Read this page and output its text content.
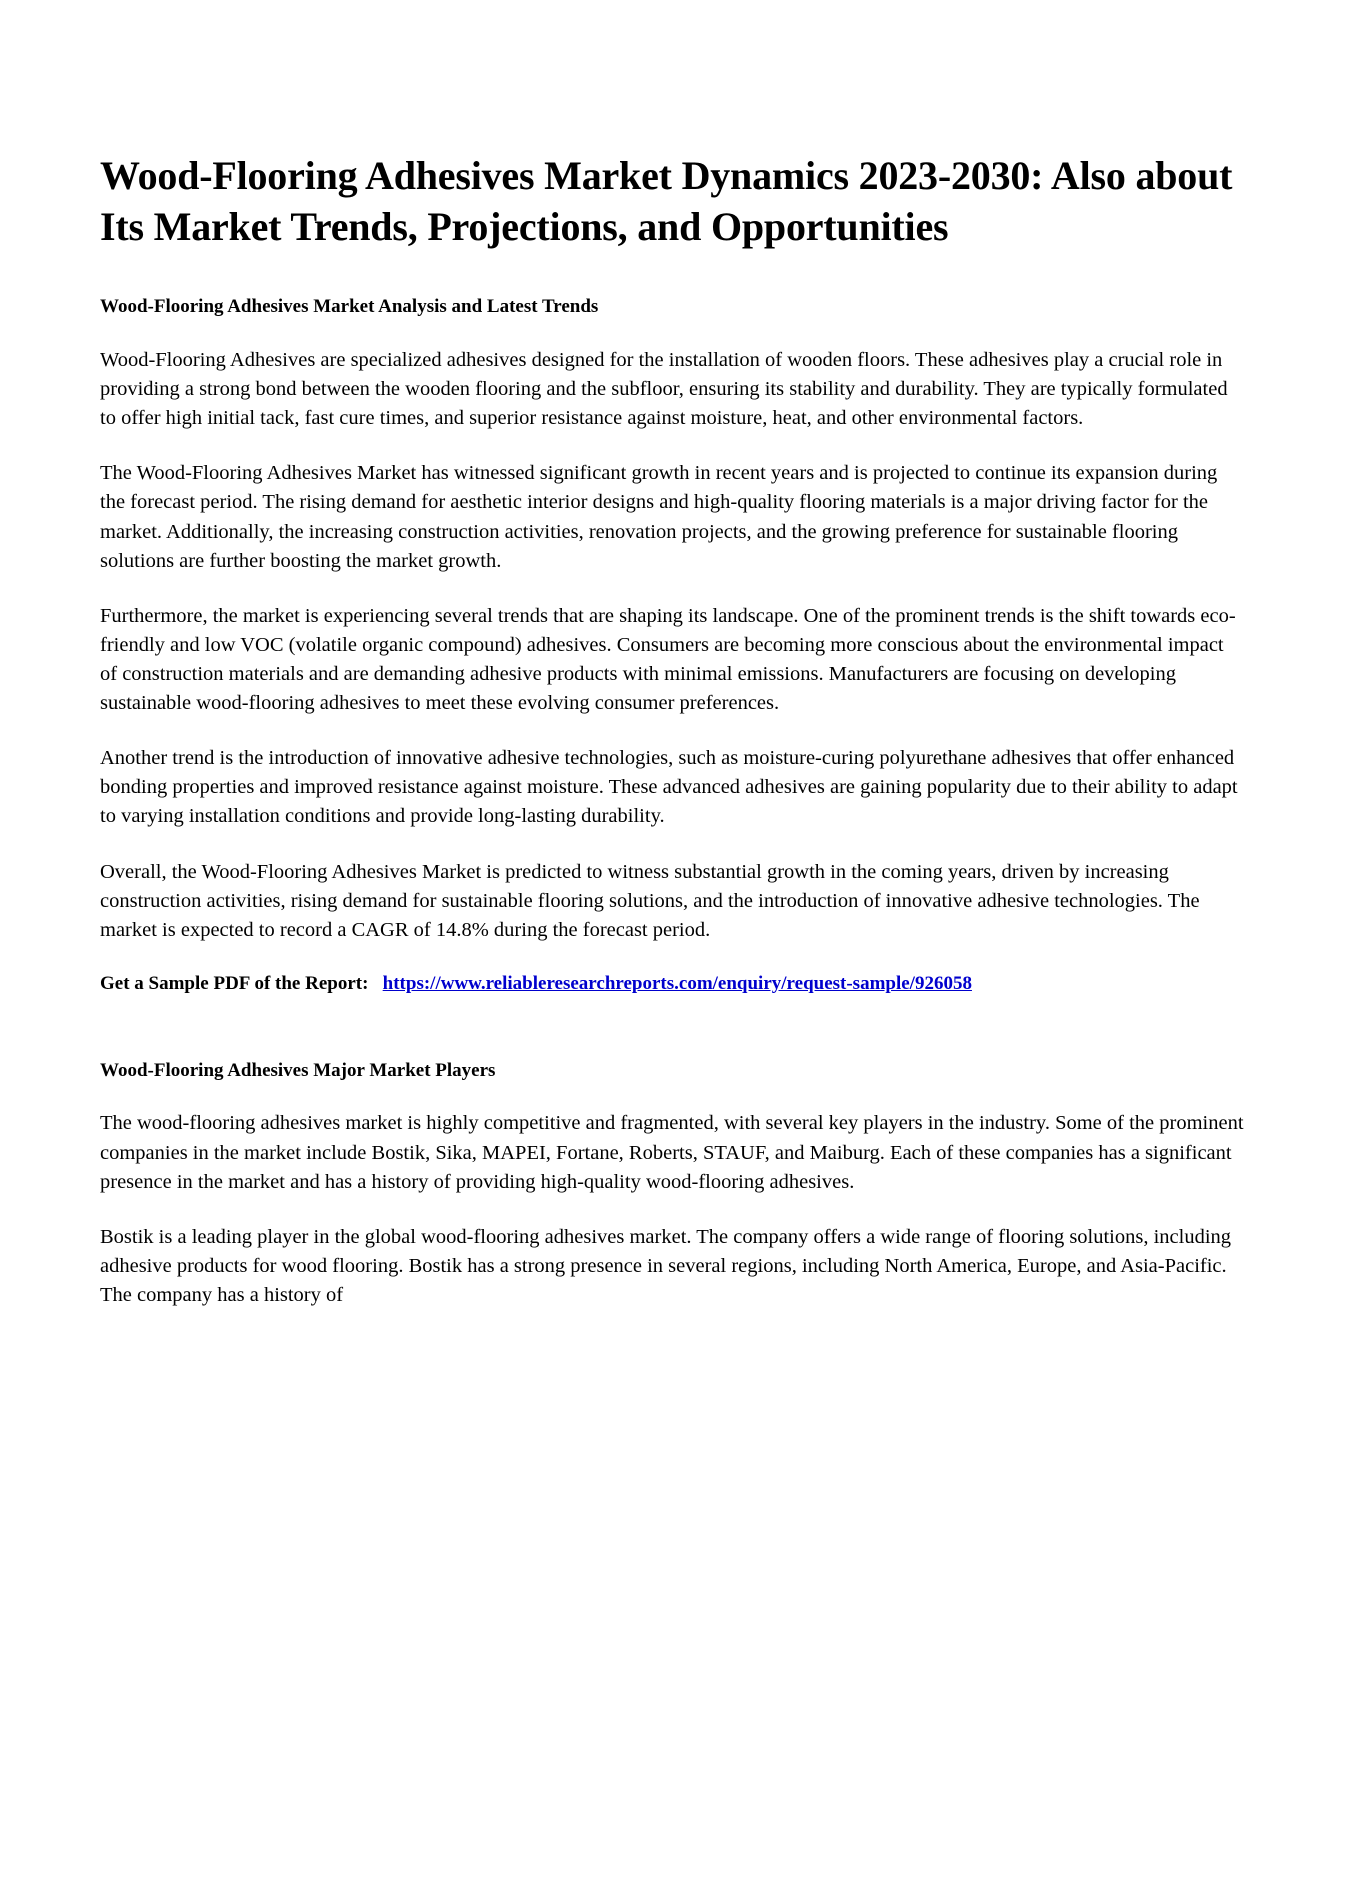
Wood-Flooring Adhesives Market Dynamics 2023-2030: Also about Its Market Trends, Projections, and Opportunities
Wood-Flooring Adhesives Market Analysis and Latest Trends

Wood-Flooring Adhesives are specialized adhesives designed for the installation of wooden floors. These adhesives play a crucial role in providing a strong bond between the wooden flooring and the subfloor, ensuring its stability and durability. They are typically formulated to offer high initial tack, fast cure times, and superior resistance against moisture, heat, and other environmental factors.

The Wood-Flooring Adhesives Market has witnessed significant growth in recent years and is projected to continue its expansion during the forecast period. The rising demand for aesthetic interior designs and high-quality flooring materials is a major driving factor for the market. Additionally, the increasing construction activities, renovation projects, and the growing preference for sustainable flooring solutions are further boosting the market growth.

Furthermore, the market is experiencing several trends that are shaping its landscape. One of the prominent trends is the shift towards eco-friendly and low VOC (volatile organic compound) adhesives. Consumers are becoming more conscious about the environmental impact of construction materials and are demanding adhesive products with minimal emissions. Manufacturers are focusing on developing sustainable wood-flooring adhesives to meet these evolving consumer preferences.

Another trend is the introduction of innovative adhesive technologies, such as moisture-curing polyurethane adhesives that offer enhanced bonding properties and improved resistance against moisture. These advanced adhesives are gaining popularity due to their ability to adapt to varying installation conditions and provide long-lasting durability.

Overall, the Wood-Flooring Adhesives Market is predicted to witness substantial growth in the coming years, driven by increasing construction activities, rising demand for sustainable flooring solutions, and the introduction of innovative adhesive technologies. The market is expected to record a CAGR of 14.8% during the forecast period.

Get a Sample PDF of the Report: https://www.reliableresearchreports.com/enquiry/request-sample/926058

Wood-Flooring Adhesives Major Market Players

The wood-flooring adhesives market is highly competitive and fragmented, with several key players in the industry. Some of the prominent companies in the market include Bostik, Sika, MAPEI, Fortane, Roberts, STAUF, and Maiburg. Each of these companies has a significant presence in the market and has a history of providing high-quality wood-flooring adhesives.

Bostik is a leading player in the global wood-flooring adhesives market. The company offers a wide range of flooring solutions, including adhesive products for wood flooring. Bostik has a strong presence in several regions, including North America, Europe, and Asia-Pacific. The company has a history of
